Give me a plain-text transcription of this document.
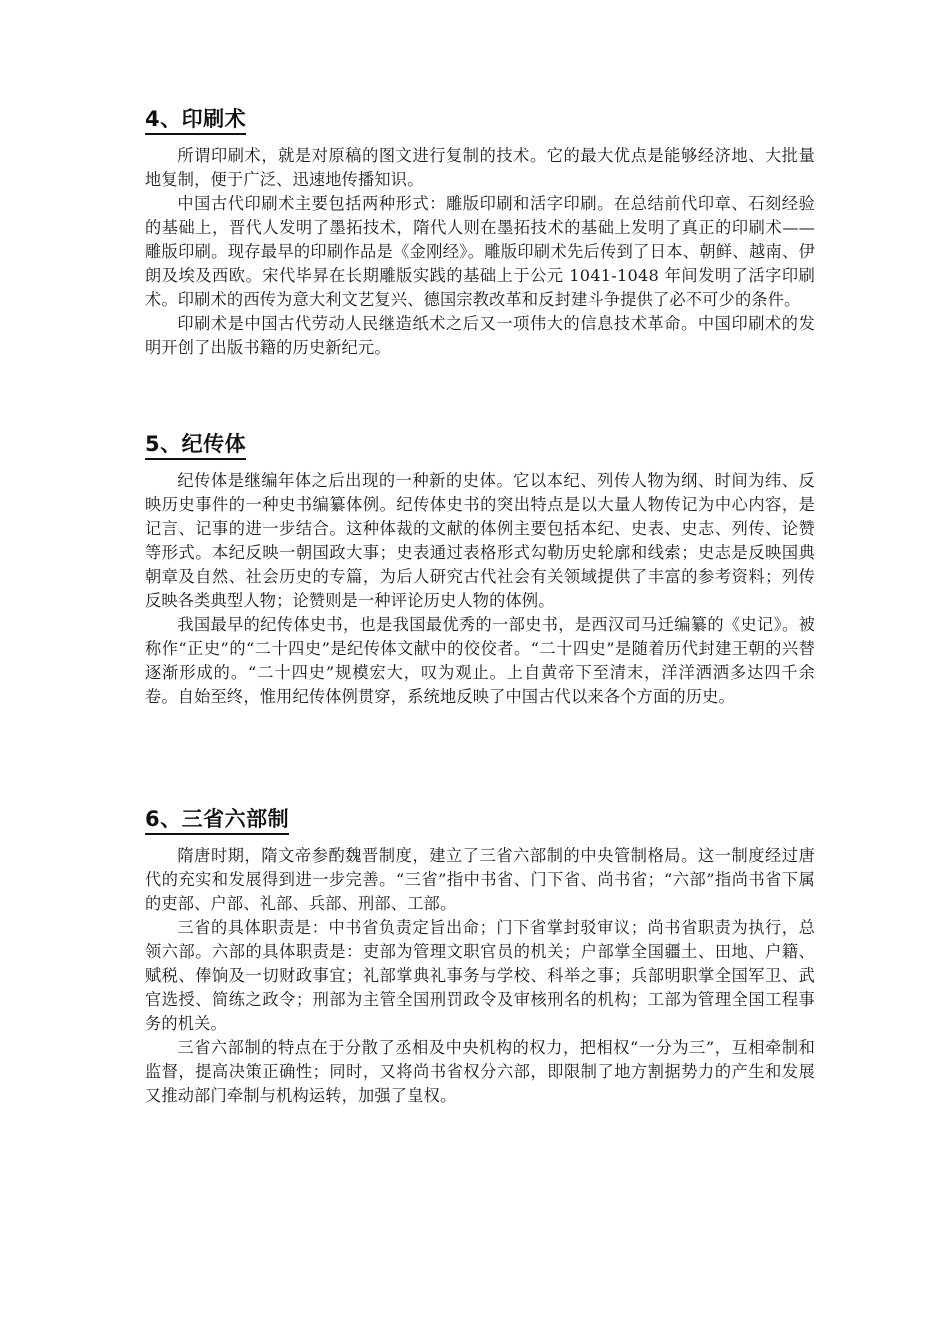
4、印刷术

所谓印刷术，就是对原稿的图文进行复制的技术。它的最大优点是能够经济地、大批量地复制，便于广泛、迅速地传播知识。

中国古代印刷术主要包括两种形式：雕版印刷和活字印刷。在总结前代印章、石刻经验的基础上，晋代人发明了墨拓技术，隋代人则在墨拓技术的基础上发明了真正的印刷术——雕版印刷。现存最早的印刷作品是《金刚经》。雕版印刷术先后传到了日本、朝鲜、越南、伊朗及埃及西欧。宋代毕昇在长期雕版实践的基础上于公元 1041-1048 年间发明了活字印刷术。印刷术的西传为意大利文艺复兴、德国宗教改革和反封建斗争提供了必不可少的条件。

印刷术是中国古代劳动人民继造纸术之后又一项伟大的信息技术革命。中国印刷术的发明开创了出版书籍的历史新纪元。

5、纪传体

纪传体是继编年体之后出现的一种新的史体。它以本纪、列传人物为纲、时间为纬、反映历史事件的一种史书编纂体例。纪传体史书的突出特点是以大量人物传记为中心内容，是记言、记事的进一步结合。这种体裁的文献的体例主要包括本纪、史表、史志、列传、论赞等形式。本纪反映一朝国政大事；史表通过表格形式勾勒历史轮廓和线索；史志是反映国典朝章及自然、社会历史的专篇，为后人研究古代社会有关领域提供了丰富的参考资料；列传反映各类典型人物；论赞则是一种评论历史人物的体例。

我国最早的纪传体史书，也是我国最优秀的一部史书，是西汉司马迁编纂的《史记》。被称作“正史”的“二十四史”是纪传体文献中的佼佼者。“二十四史”是随着历代封建王朝的兴替逐渐形成的。“二十四史”规模宏大，叹为观止。上自黄帝下至清末，洋洋洒洒多达四千余卷。自始至终，惟用纪传体例贯穿，系统地反映了中国古代以来各个方面的历史。

6、三省六部制

隋唐时期，隋文帝参酌魏晋制度，建立了三省六部制的中央管制格局。这一制度经过唐代的充实和发展得到进一步完善。“三省”指中书省、门下省、尚书省；“六部”指尚书省下属的吏部、户部、礼部、兵部、刑部、工部。

三省的具体职责是：中书省负责定旨出命；门下省掌封驳审议；尚书省职责为执行，总领六部。六部的具体职责是：吏部为管理文职官员的机关；户部掌全国疆土、田地、户籍、赋税、俸饷及一切财政事宜；礼部掌典礼事务与学校、科举之事；兵部明职掌全国军卫、武官选授、简练之政令；刑部为主管全国刑罚政令及审核刑名的机构；工部为管理全国工程事务的机关。

三省六部制的特点在于分散了丞相及中央机构的权力，把相权“一分为三”，互相牵制和监督，提高决策正确性；同时，又将尚书省权分六部，即限制了地方割据势力的产生和发展又推动部门牵制与机构运转，加强了皇权。
